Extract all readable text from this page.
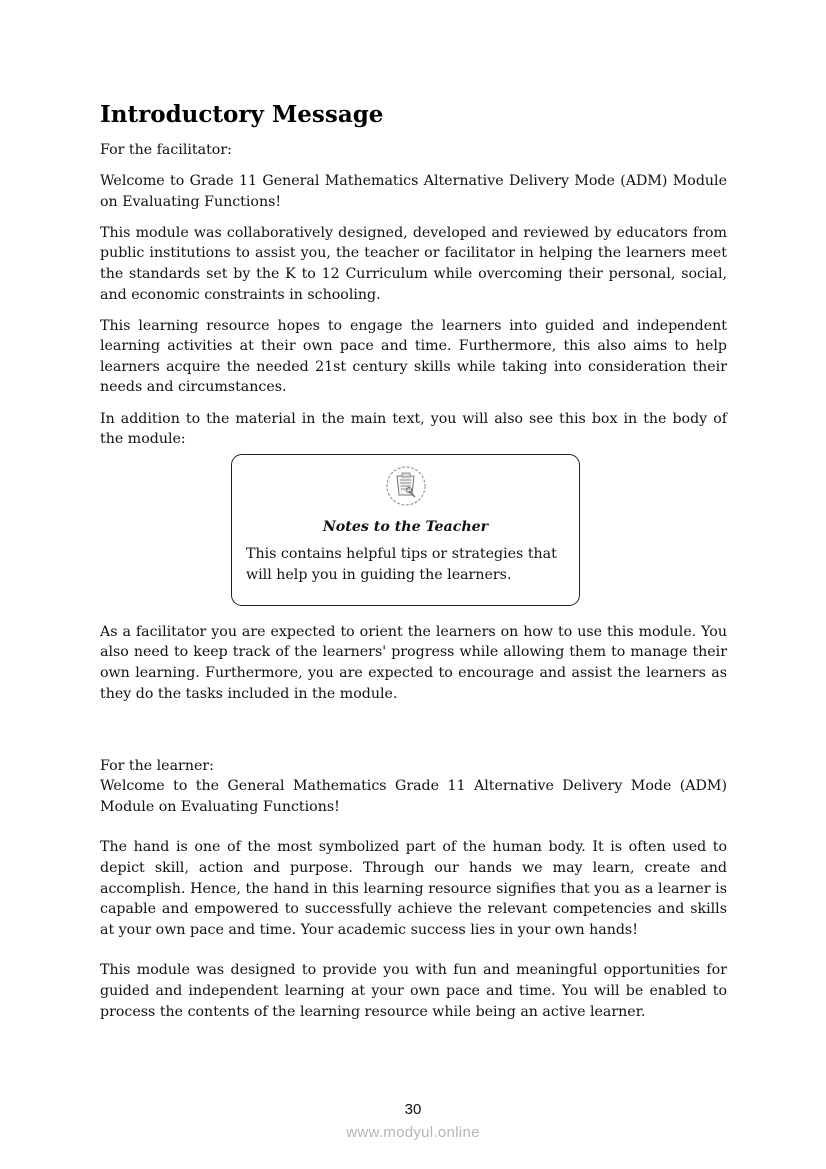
Introductory Message

For the facilitator:

Welcome to Grade 11 General Mathematics Alternative Delivery Mode (ADM) Module on Evaluating Functions!

This module was collaboratively designed, developed and reviewed by educators from public institutions to assist you, the teacher or facilitator in helping the learners meet the standards set by the K to 12 Curriculum while overcoming their personal, social, and economic constraints in schooling.

This learning resource hopes to engage the learners into guided and independent learning activities at their own pace and time. Furthermore, this also aims to help learners acquire the needed 21st century skills while taking into consideration their needs and circumstances.

In addition to the material in the main text, you will also see this box in the body of the module:

Notes to the Teacher

This contains helpful tips or strategies that will help you in guiding the learners.

As a facilitator you are expected to orient the learners on how to use this module. You also need to keep track of the learners' progress while allowing them to manage their own learning. Furthermore, you are expected to encourage and assist the learners as they do the tasks included in the module.

For the learner:

Welcome to the General Mathematics Grade 11 Alternative Delivery Mode (ADM) Module on Evaluating Functions!

The hand is one of the most symbolized part of the human body. It is often used to depict skill, action and purpose. Through our hands we may learn, create and accomplish. Hence, the hand in this learning resource signifies that you as a learner is capable and empowered to successfully achieve the relevant competencies and skills at your own pace and time. Your academic success lies in your own hands!

This module was designed to provide you with fun and meaningful opportunities for guided and independent learning at your own pace and time. You will be enabled to process the contents of the learning resource while being an active learner.

30
www.modyul.online
